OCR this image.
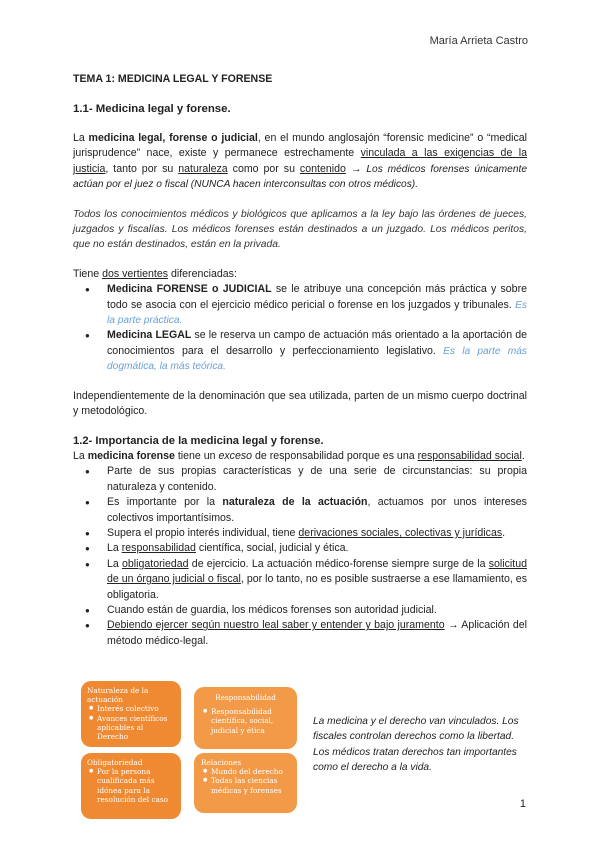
María Arrieta Castro
TEMA 1: MEDICINA LEGAL Y FORENSE
1.1- Medicina legal y forense.

La medicina legal, forense o judicial, en el mundo anglosajón “forensic medicine” o “medical jurisprudence” nace, existe y permanece estrechamente vinculada a las exigencias de la justicia, tanto por su naturaleza como por su contenido → Los médicos forenses únicamente actúan por el juez o fiscal (NUNCA hacen interconsultas con otros médicos).

Todos los conocimientos médicos y biológicos que aplicamos a la ley bajo las órdenes de jueces, juzgados y fiscalías. Los médicos forenses están destinados a un juzgado. Los médicos peritos, que no están destinados, están en la privada.

Tiene dos vertientes diferenciadas:

● Medicina FORENSE o JUDICIAL se le atribuye una concepción más práctica y sobre todo se asocia con el ejercicio médico pericial o forense en los juzgados y tribunales. Es la parte práctica.
● Medicina LEGAL se le reserva un campo de actuación más orientado a la aportación de conocimientos para el desarrollo y perfeccionamiento legislativo. Es la parte más dogmática, la más teórica.

Independientemente de la denominación que sea utilizada, parten de un mismo cuerpo doctrinal y metodológico.

1.2- Importancia de la medicina legal y forense.

La medicina forense tiene un exceso de responsabilidad porque es una responsabilidad social.

● Parte de sus propias características y de una serie de circunstancias: su propia naturaleza y contenido.
● Es importante por la naturaleza de la actuación, actuamos por unos intereses colectivos importantísimos.
● Supera el propio interés individual, tiene derivaciones sociales, colectivas y jurídicas.
● La responsabilidad científica, social, judicial y ética.
● La obligatoriedad de ejercicio. La actuación médico-forense siempre surge de la solicitud de un órgano judicial o fiscal, por lo tanto, no es posible sustraerse a ese llamamiento, es obligatoria.
● Cuando están de guardia, los médicos forenses son autoridad judicial.
● Debiendo ejercer según nuestro leal saber y entender y bajo juramento → Aplicación del método médico-legal.
Naturaleza de la actuación
● Interés colectivo
● Avances científicos aplicables al Derecho
Responsabilidad
● Responsabilidad científica, social, judicial y ética
Obligatoriedad
● Por la persona cualificada más idónea para la resolución del caso
Relaciones
● Mundo del derecho
● Todas las ciencias médicas y forenses
La medicina y el derecho van vinculados. Los fiscales controlan derechos como la libertad. Los médicos tratan derechos tan importantes como el derecho a la vida.
1
